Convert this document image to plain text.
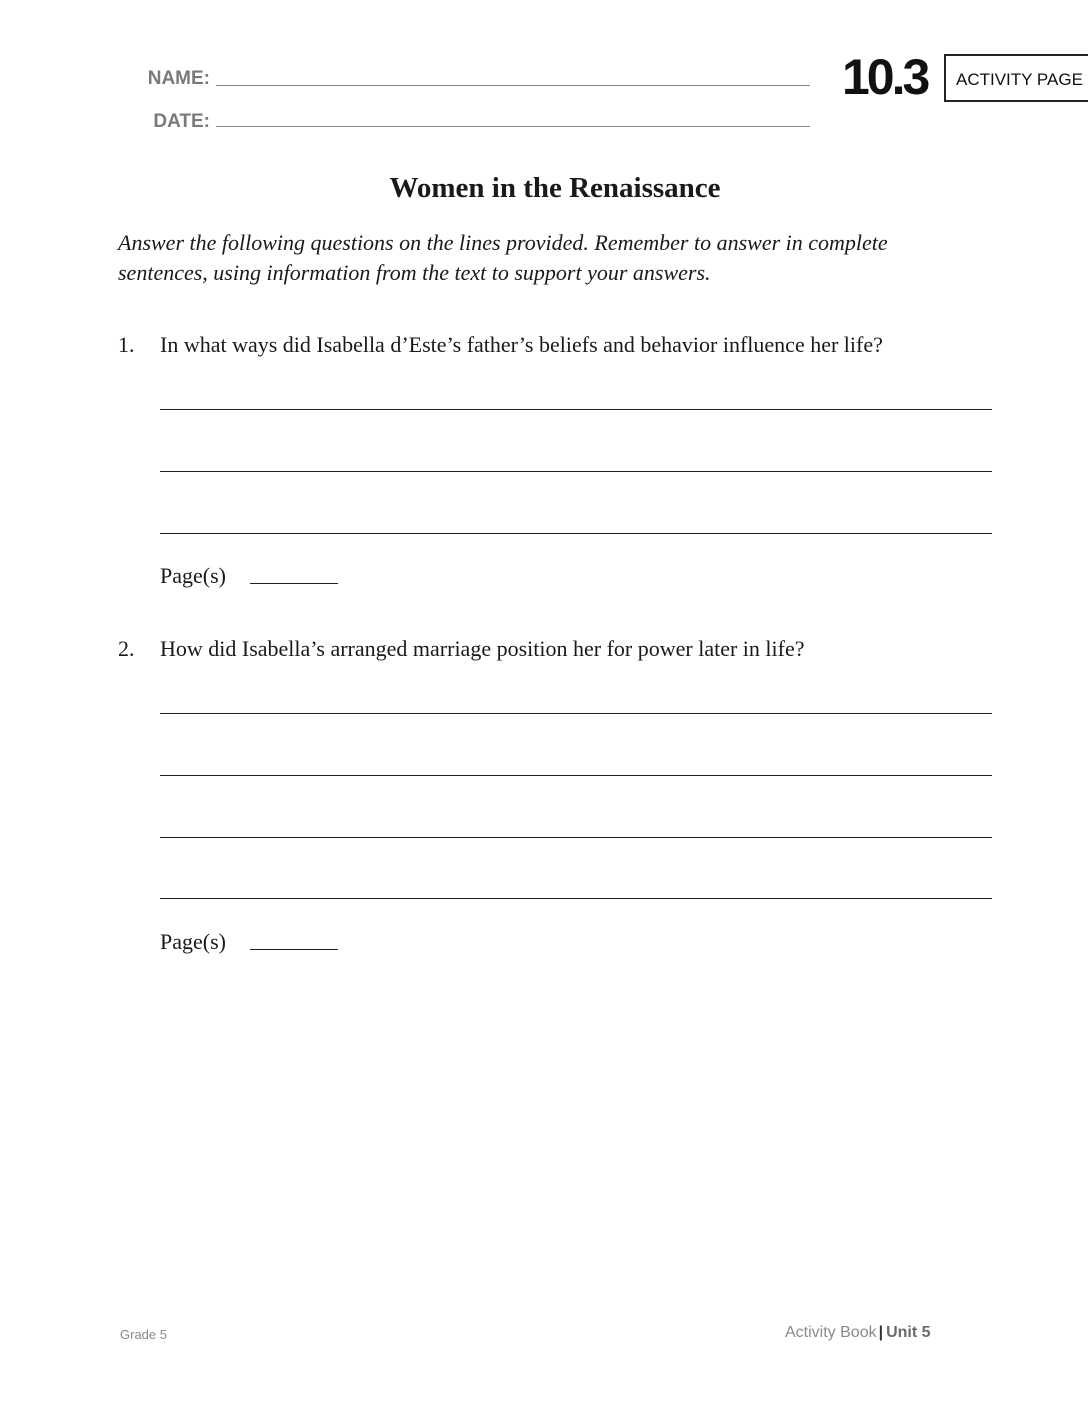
NAME:
DATE:
10.3	ACTIVITY PAGE
Women in the Renaissance
Answer the following questions on the lines provided. Remember to answer in complete sentences, using information from the text to support your answers.
1. In what ways did Isabella d’Este’s father’s beliefs and behavior influence her life?
Page(s)
2. How did Isabella’s arranged marriage position her for power later in life?
Page(s)
Grade 5	Activity Book | Unit 5
